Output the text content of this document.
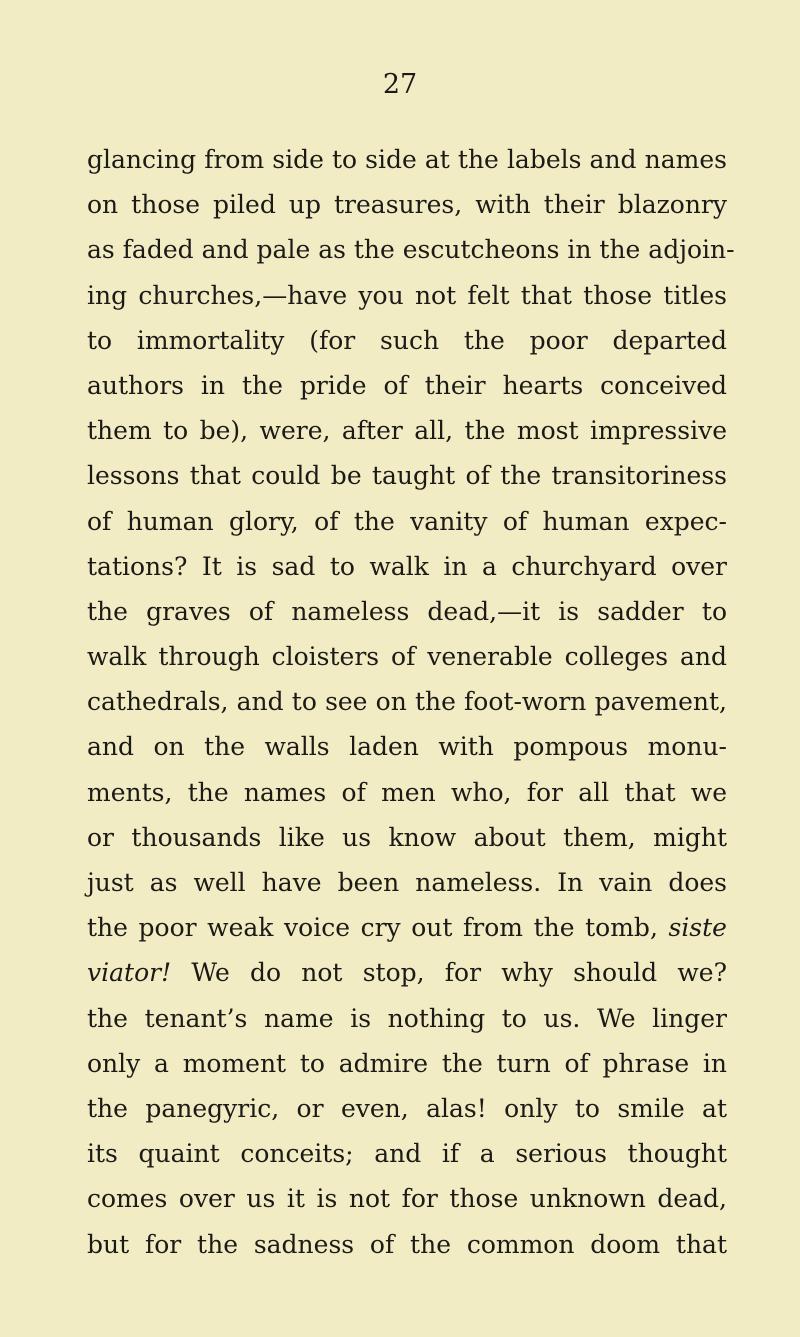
27
glancing from side to side at the labels and names
on those piled up treasures, with their blazonry
as faded and pale as the escutcheons in the adjoin-
ing churches,—have you not felt that those titles
to immortality (for such the poor departed
authors in the pride of their hearts conceived
them to be), were, after all, the most impressive
lessons that could be taught of the transitoriness
of human glory, of the vanity of human expec-
tations? It is sad to walk in a churchyard over
the graves of nameless dead,—it is sadder to
walk through cloisters of venerable colleges and
cathedrals, and to see on the foot-worn pavement,
and on the walls laden with pompous monu-
ments, the names of men who, for all that we
or thousands like us know about them, might
just as well have been nameless. In vain does
the poor weak voice cry out from the tomb, siste
viator! We do not stop, for why should we?
the tenant’s name is nothing to us. We linger
only a moment to admire the turn of phrase in
the panegyric, or even, alas! only to smile at
its quaint conceits; and if a serious thought
comes over us it is not for those unknown dead,
but for the sadness of the common doom that
